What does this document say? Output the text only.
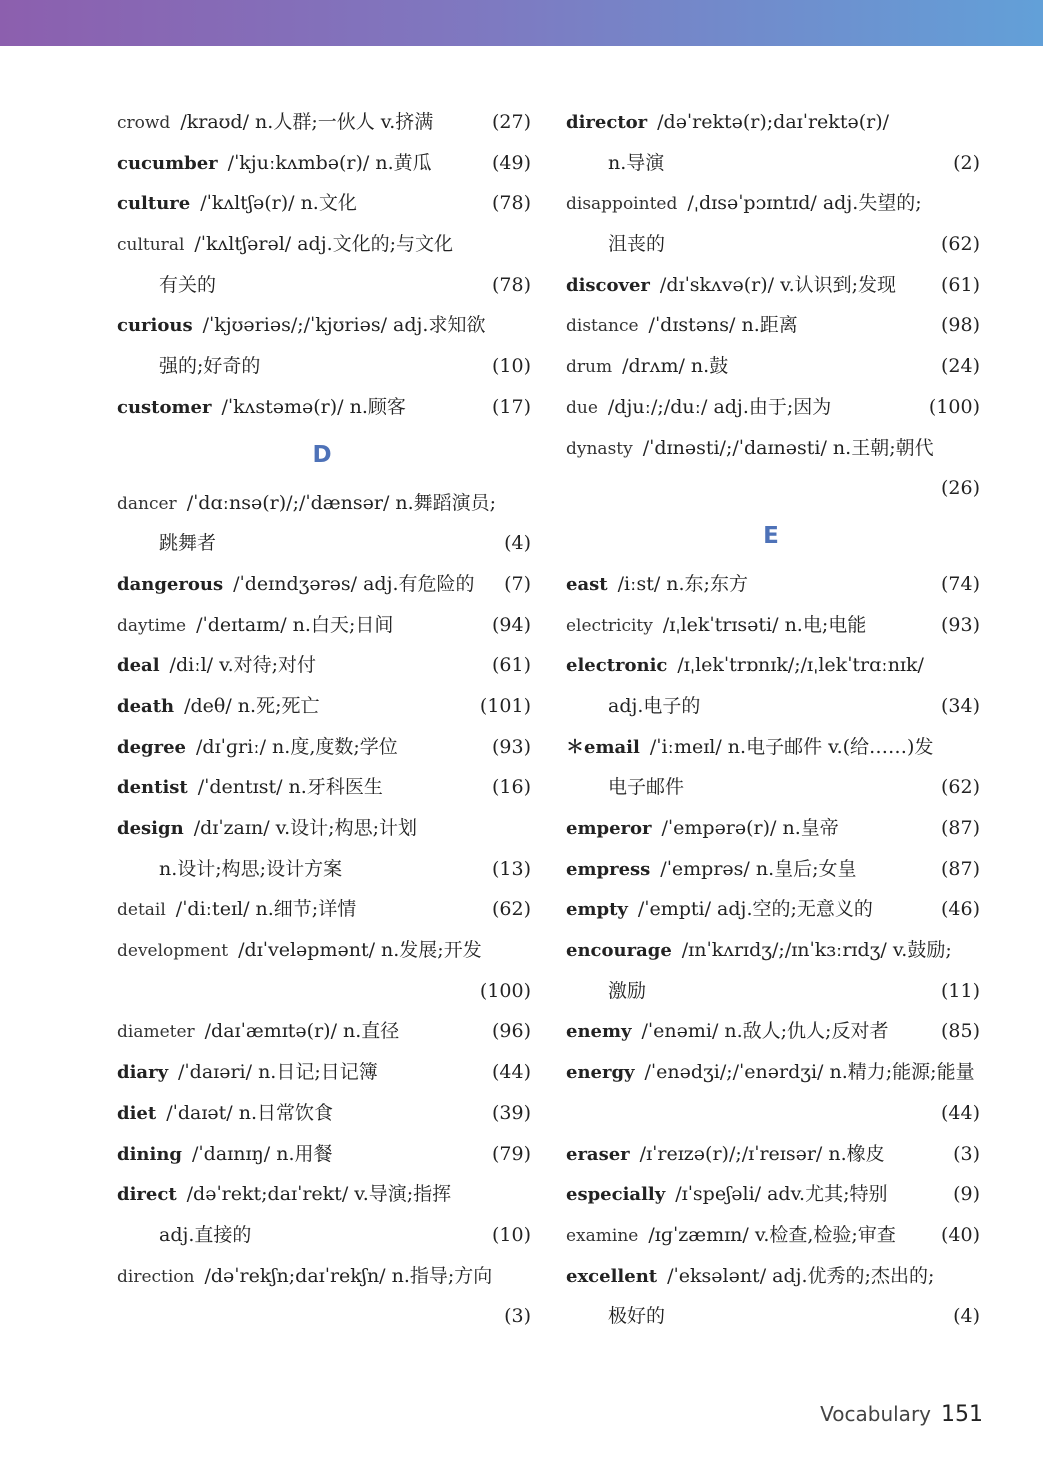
crowd /kraʊd/ n.人群;一伙人 v.挤满	(27)
cucumber /ˈkjuːkʌmbə(r)/ n.黄瓜	(49)
culture /ˈkʌltʃə(r)/ n.文化	(78)
cultural /ˈkʌltʃərəl/ adj.文化的;与文化
有关的	(78)
curious /ˈkjʊəriəs/;/ˈkjʊriəs/ adj.求知欲
强的;好奇的	(10)
customer /ˈkʌstəmə(r)/ n.顾客	(17)
D
dancer /ˈdɑːnsə(r)/;/ˈdænsər/ n.舞蹈演员;
跳舞者	(4)
dangerous /ˈdeɪndʒərəs/ adj.有危险的 (7)
daytime /ˈdeɪtaɪm/ n.白天;日间	(94)
deal /diːl/ v.对待;对付	(61)
death /deθ/ n.死;死亡	(101)
degree /dɪˈɡriː/ n.度,度数;学位	(93)
dentist /ˈdentɪst/ n.牙科医生	(16)
design /dɪˈzaɪn/ v.设计;构思;计划
n.设计;构思;设计方案	(13)
detail /ˈdiːteɪl/ n.细节;详情	(62)
development /dɪˈveləpmənt/ n.发展;开发
(100)
diameter /daɪˈæmɪtə(r)/ n.直径	(96)
diary /ˈdaɪəri/ n.日记;日记簿	(44)
diet /ˈdaɪət/ n.日常饮食	(39)
dining /ˈdaɪnɪŋ/ n.用餐	(79)
direct /dəˈrekt;daɪˈrekt/ v.导演;指挥
adj.直接的	(10)
direction /dəˈrekʃn;daɪˈrekʃn/ n.指导;方向
(3)
director /dəˈrektə(r);daɪˈrektə(r)/
n.导演	(2)
disappointed /ˌdɪsəˈpɔɪntɪd/ adj.失望的;
沮丧的	(62)
discover /dɪˈskʌvə(r)/ v.认识到;发现 (61)
distance /ˈdɪstəns/ n.距离	(98)
drum /drʌm/ n.鼓	(24)
due /djuː/;/duː/ adj.由于;因为	(100)
dynasty /ˈdɪnəsti/;/ˈdaɪnəsti/ n.王朝;朝代
(26)
E
east /iːst/ n.东;东方	(74)
electricity /ɪˌlekˈtrɪsəti/ n.电;电能	(93)
electronic /ɪˌlekˈtrɒnɪk/;/ɪˌlekˈtrɑːnɪk/
adj.电子的	(34)
＊email /ˈiːmeɪl/ n.电子邮件 v.(给……)发
电子邮件	(62)
emperor /ˈempərə(r)/ n.皇帝	(87)
empress /ˈemprəs/ n.皇后;女皇	(87)
empty /ˈempti/ adj.空的;无意义的	(46)
encourage /ɪnˈkʌrɪdʒ/;/ɪnˈkɜːrɪdʒ/ v.鼓励;
激励	(11)
enemy /ˈenəmi/ n.敌人;仇人;反对者	(85)
energy /ˈenədʒi/;/ˈenərdʒi/ n.精力;能源;能量
(44)
eraser /ɪˈreɪzə(r)/;/ɪˈreɪsər/ n.橡皮	(3)
especially /ɪˈspeʃəli/ adv.尤其;特别	(9)
examine /ɪɡˈzæmɪn/ v.检查,检验;审查 (40)
excellent /ˈeksələnt/ adj.优秀的;杰出的;
极好的	(4)
Vocabulary 151
